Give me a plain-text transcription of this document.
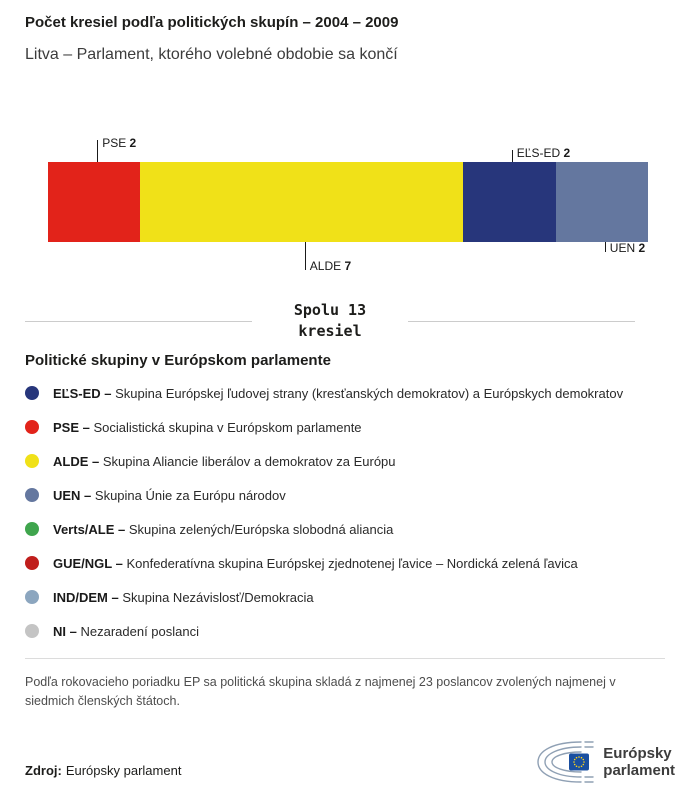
Počet kresiel podľa politických skupín – 2004 – 2009
Litva – Parlament, ktorého volebné obdobie sa končí
PSE 2
ALDE 7
EĽS-ED 2
UEN 2
Spolu 13
kresiel
Politické skupiny v Európskom parlamente
EĽS-ED – Skupina Európskej ľudovej strany (kresťanských demokratov) a Európskych demokratov
PSE – Socialistická skupina v Európskom parlamente
ALDE – Skupina Aliancie liberálov a demokratov za Európu
UEN – Skupina Únie za Európu národov
Verts/ALE – Skupina zelených/Európska slobodná aliancia
GUE/NGL – Konfederatívna skupina Európskej zjednotenej ľavice – Nordická zelená ľavica
IND/DEM – Skupina Nezávislosť/Demokracia
NI – Nezaradení poslanci
Podľa rokovacieho poriadku EP sa politická skupina skladá z najmenej 23 poslancov zvolených najmenej v siedmich členských štátoch.
Zdroj: Európsky parlament
Európsky
parlament
